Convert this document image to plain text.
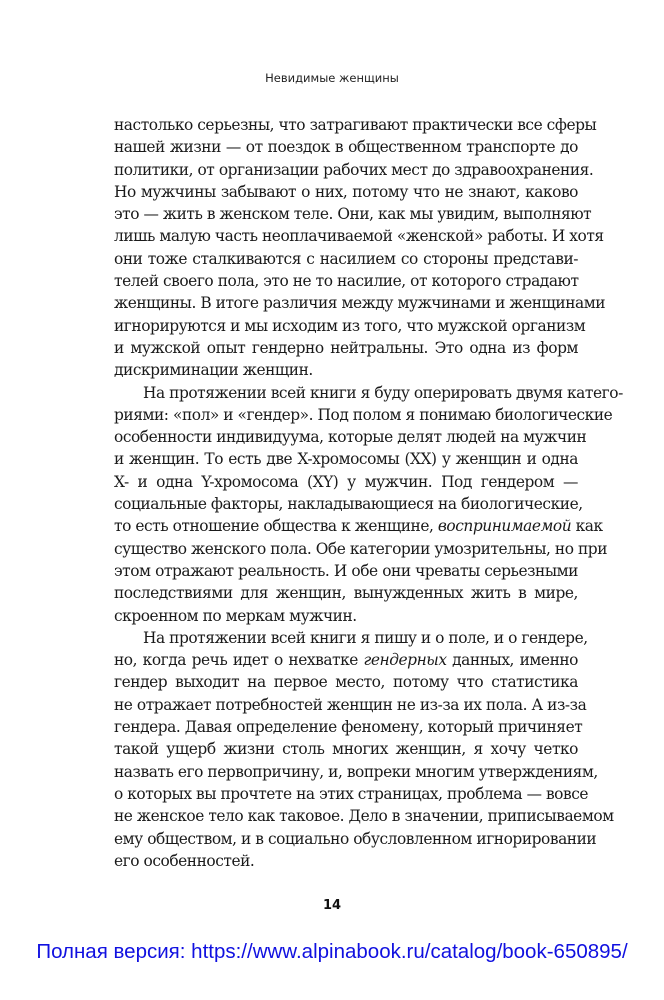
Невидимые женщины
настолько серьезны, что затрагивают практически все сферы
нашей жизни — от поездок в общественном транспорте до
политики, от организации рабочих мест до здравоохранения.
Но мужчины забывают о них, потому что не знают, каково
это — жить в женском теле. Они, как мы увидим, выполняют
лишь малую часть неоплачиваемой «женской» работы. И хотя
они тоже сталкиваются с насилием со стороны представи-
телей своего пола, это не то насилие, от которого страдают
женщины. В итоге различия между мужчинами и женщинами
игнорируются и мы исходим из того, что мужской организм
и мужской опыт гендерно нейтральны. Это одна из форм
дискриминации женщин.
На протяжении всей книги я буду оперировать двумя катего-
риями: «пол» и «гендер». Под полом я понимаю биологические
особенности индивидуума, которые делят людей на мужчин
и женщин. То есть две X-хромосомы (XX) у женщин и одна
X- и одна Y-хромосома (XY) у мужчин. Под гендером —
социальные факторы, накладывающиеся на биологические,
то есть отношение общества к женщине, воспринимаемой как
существо женского пола. Обе категории умозрительны, но при
этом отражают реальность. И обе они чреваты серьезными
последствиями для женщин, вынужденных жить в мире,
скроенном по меркам мужчин.
На протяжении всей книги я пишу и о поле, и о гендере,
но, когда речь идет о нехватке гендерных данных, именно
гендер выходит на первое место, потому что статистика
не отражает потребностей женщин не из-за их пола. А из-за
гендера. Давая определение феномену, который причиняет
такой ущерб жизни столь многих женщин, я хочу четко
назвать его первопричину, и, вопреки многим утверждениям,
о которых вы прочтете на этих страницах, проблема — вовсе
не женское тело как таковое. Дело в значении, приписываемом
ему обществом, и в социально обусловленном игнорировании
его особенностей.
14
Полная версия: https://www.alpinabook.ru/catalog/book-650895/
